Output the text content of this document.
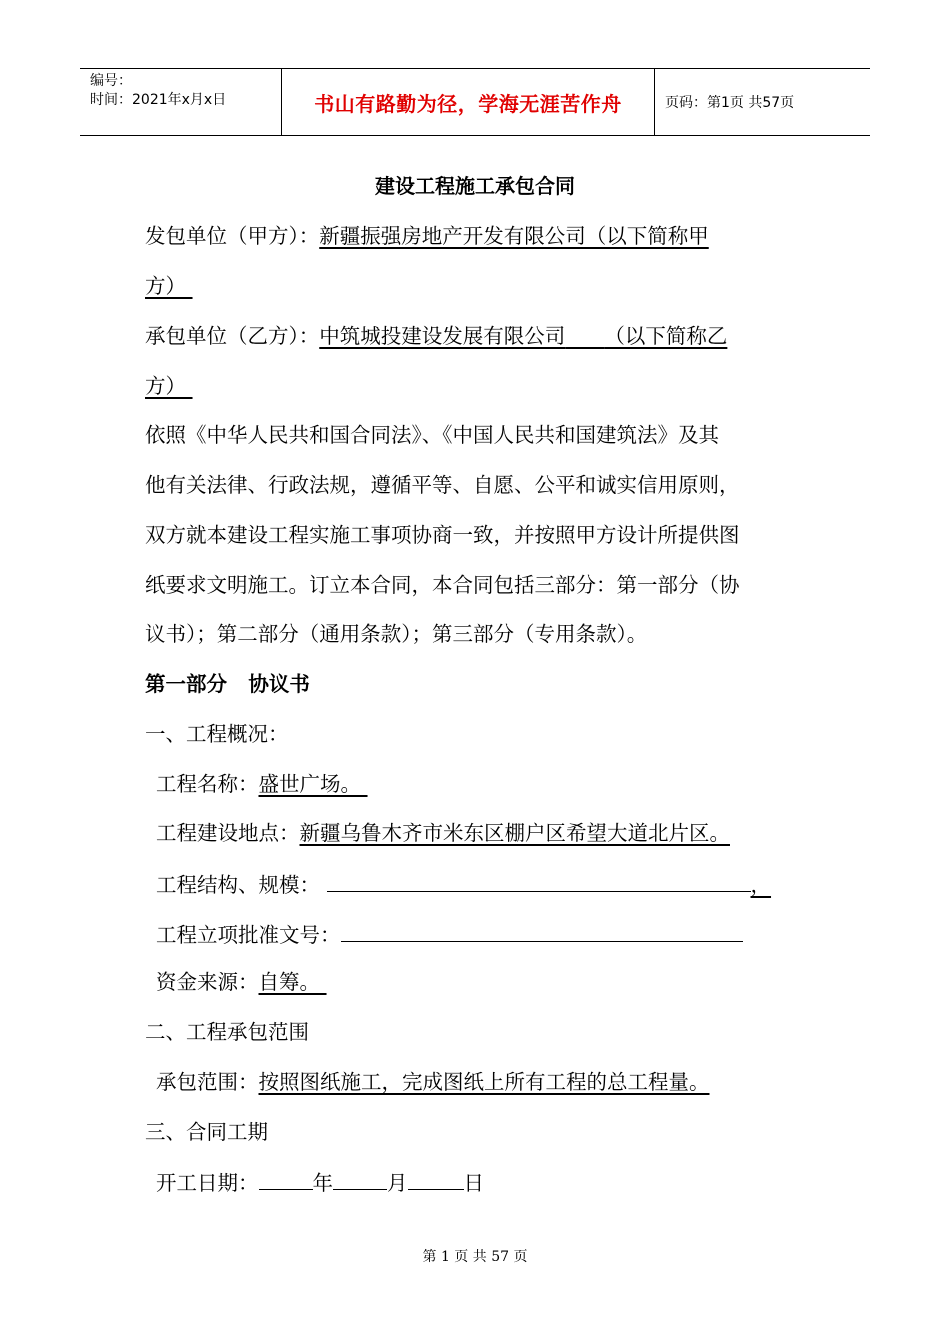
编号：
时间：2021年x月x日	书山有路勤为径，学海无涯苦作舟	页码：第1页 共57页
建设工程施工承包合同
发包单位（甲方）：新疆振强房地产开发有限公司（以下简称甲
方）
承包单位（乙方）：中筑城投建设发展有限公司 （以下简称乙
方）
依照《中华人民共和国合同法》、《中国人民共和国建筑法》及其
他有关法律、行政法规，遵循平等、自愿、公平和诚实信用原则，
双方就本建设工程实施工事项协商一致，并按照甲方设计所提供图
纸要求文明施工。订立本合同，本合同包括三部分：第一部分（协
议书）；第二部分（通用条款）；第三部分（专用条款）。
第一部分   协议书
一、工程概况：
工程名称：盛世广场。
工程建设地点：新疆乌鲁木齐市米东区棚户区希望大道北片区。
工程结构、规模：	，
工程立项批准文号：
资金来源：自筹。
二、工程承包范围
承包范围：按照图纸施工，完成图纸上所有工程的总工程量。
三、合同工期
开工日期：	年	月	日
第 1 页 共 57 页
